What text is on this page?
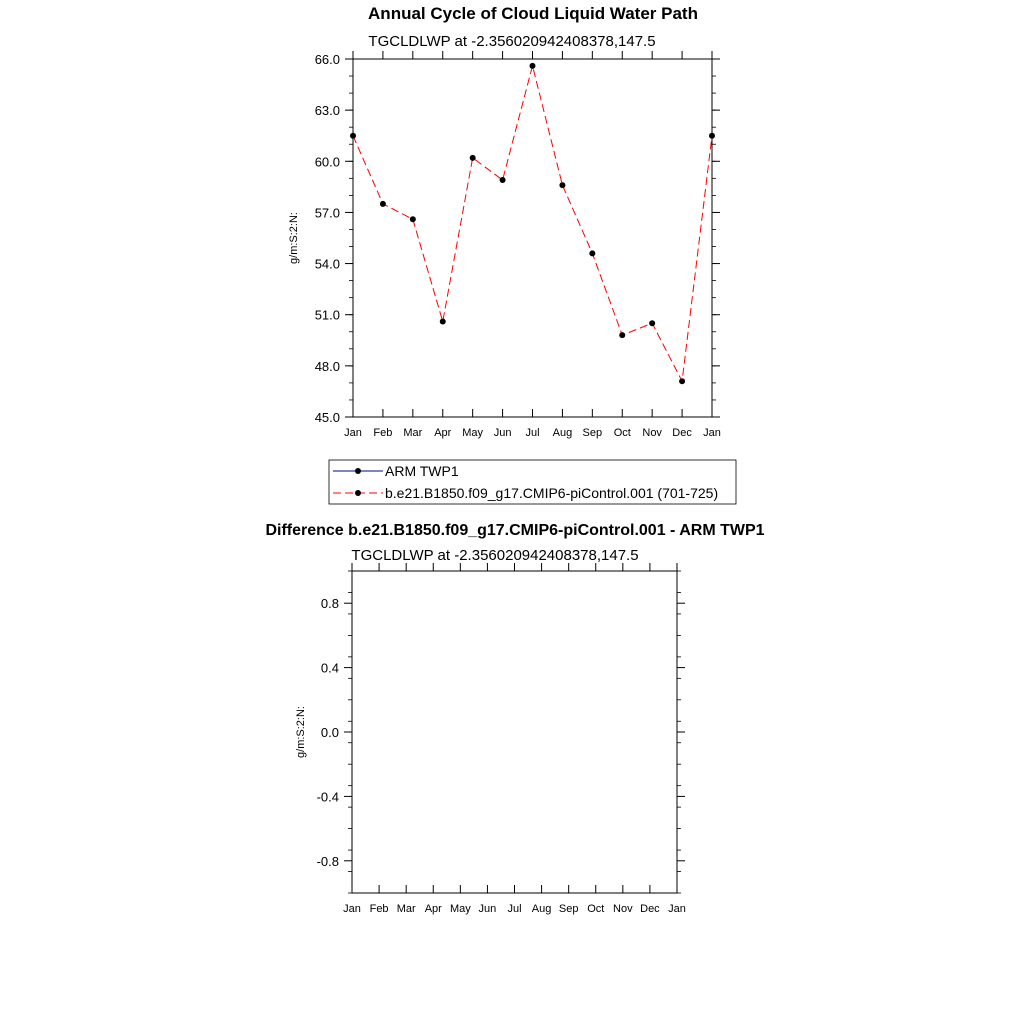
Annual Cycle of Cloud Liquid Water Path
TGCLDLWP at -2.356020942408378,147.5
g/m:S:2:N:
45.0
48.0
51.0
54.0
57.0
60.0
63.0
66.0
Jan Feb Mar Apr May Jun Jul Aug Sep Oct Nov Dec Jan
ARM TWP1
b.e21.B1850.f09_g17.CMIP6-piControl.001 (701-725)
Difference b.e21.B1850.f09_g17.CMIP6-piControl.001 - ARM TWP1
TGCLDLWP at -2.356020942408378,147.5
g/m:S:2:N:
-0.8
-0.4
0.0
0.4
0.8
Jan Feb Mar Apr May Jun Jul Aug Sep Oct Nov Dec Jan
